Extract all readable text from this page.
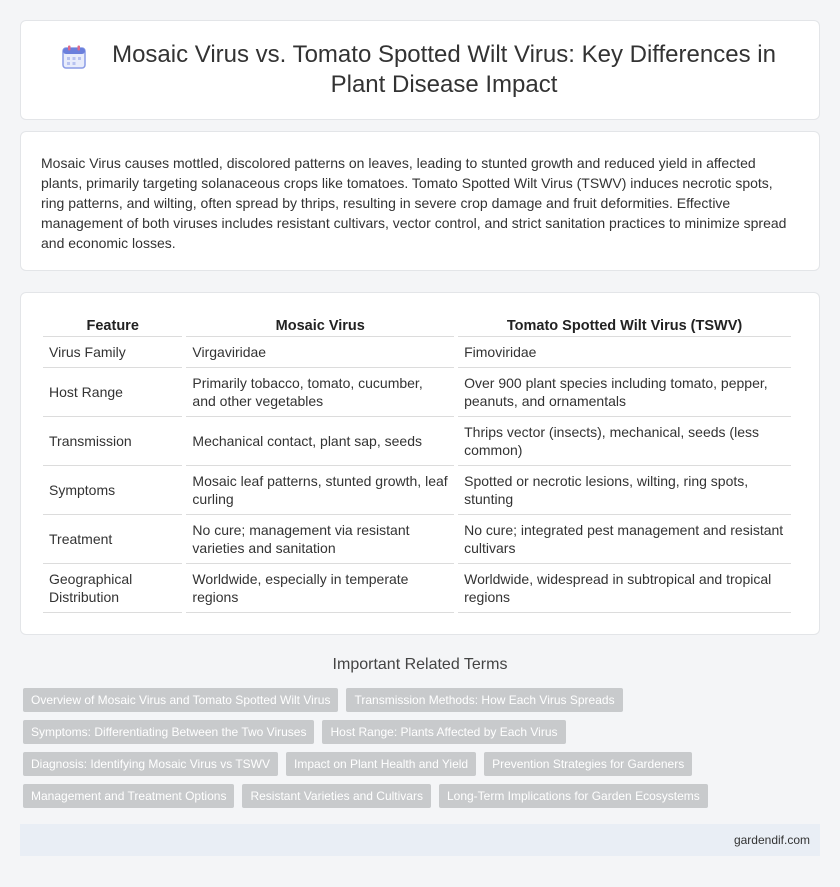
Mosaic Virus vs. Tomato Spotted Wilt Virus: Key Differences in Plant Disease Impact

Mosaic Virus causes mottled, discolored patterns on leaves, leading to stunted growth and reduced yield in affected plants, primarily targeting solanaceous crops like tomatoes. Tomato Spotted Wilt Virus (TSWV) induces necrotic spots, ring patterns, and wilting, often spread by thrips, resulting in severe crop damage and fruit deformities. Effective management of both viruses includes resistant cultivars, vector control, and strict sanitation practices to minimize spread and economic losses.

Feature	Mosaic Virus	Tomato Spotted Wilt Virus (TSWV)
Virus Family	Virgaviridae	Fimoviridae
Host Range	Primarily tobacco, tomato, cucumber, and other vegetables	Over 900 plant species including tomato, pepper, peanuts, and ornamentals
Transmission	Mechanical contact, plant sap, seeds	Thrips vector (insects), mechanical, seeds (less common)
Symptoms	Mosaic leaf patterns, stunted growth, leaf curling	Spotted or necrotic lesions, wilting, ring spots, stunting
Treatment	No cure; management via resistant varieties and sanitation	No cure; integrated pest management and resistant cultivars
Geographical Distribution	Worldwide, especially in temperate regions	Worldwide, widespread in subtropical and tropical regions
Important Related Terms
Overview of Mosaic Virus and Tomato Spotted Wilt Virus	Transmission Methods: How Each Virus Spreads
Symptoms: Differentiating Between the Two Viruses	Host Range: Plants Affected by Each Virus
Diagnosis: Identifying Mosaic Virus vs TSWV	Impact on Plant Health and Yield	Prevention Strategies for Gardeners
Management and Treatment Options	Resistant Varieties and Cultivars	Long-Term Implications for Garden Ecosystems
gardendif.com
